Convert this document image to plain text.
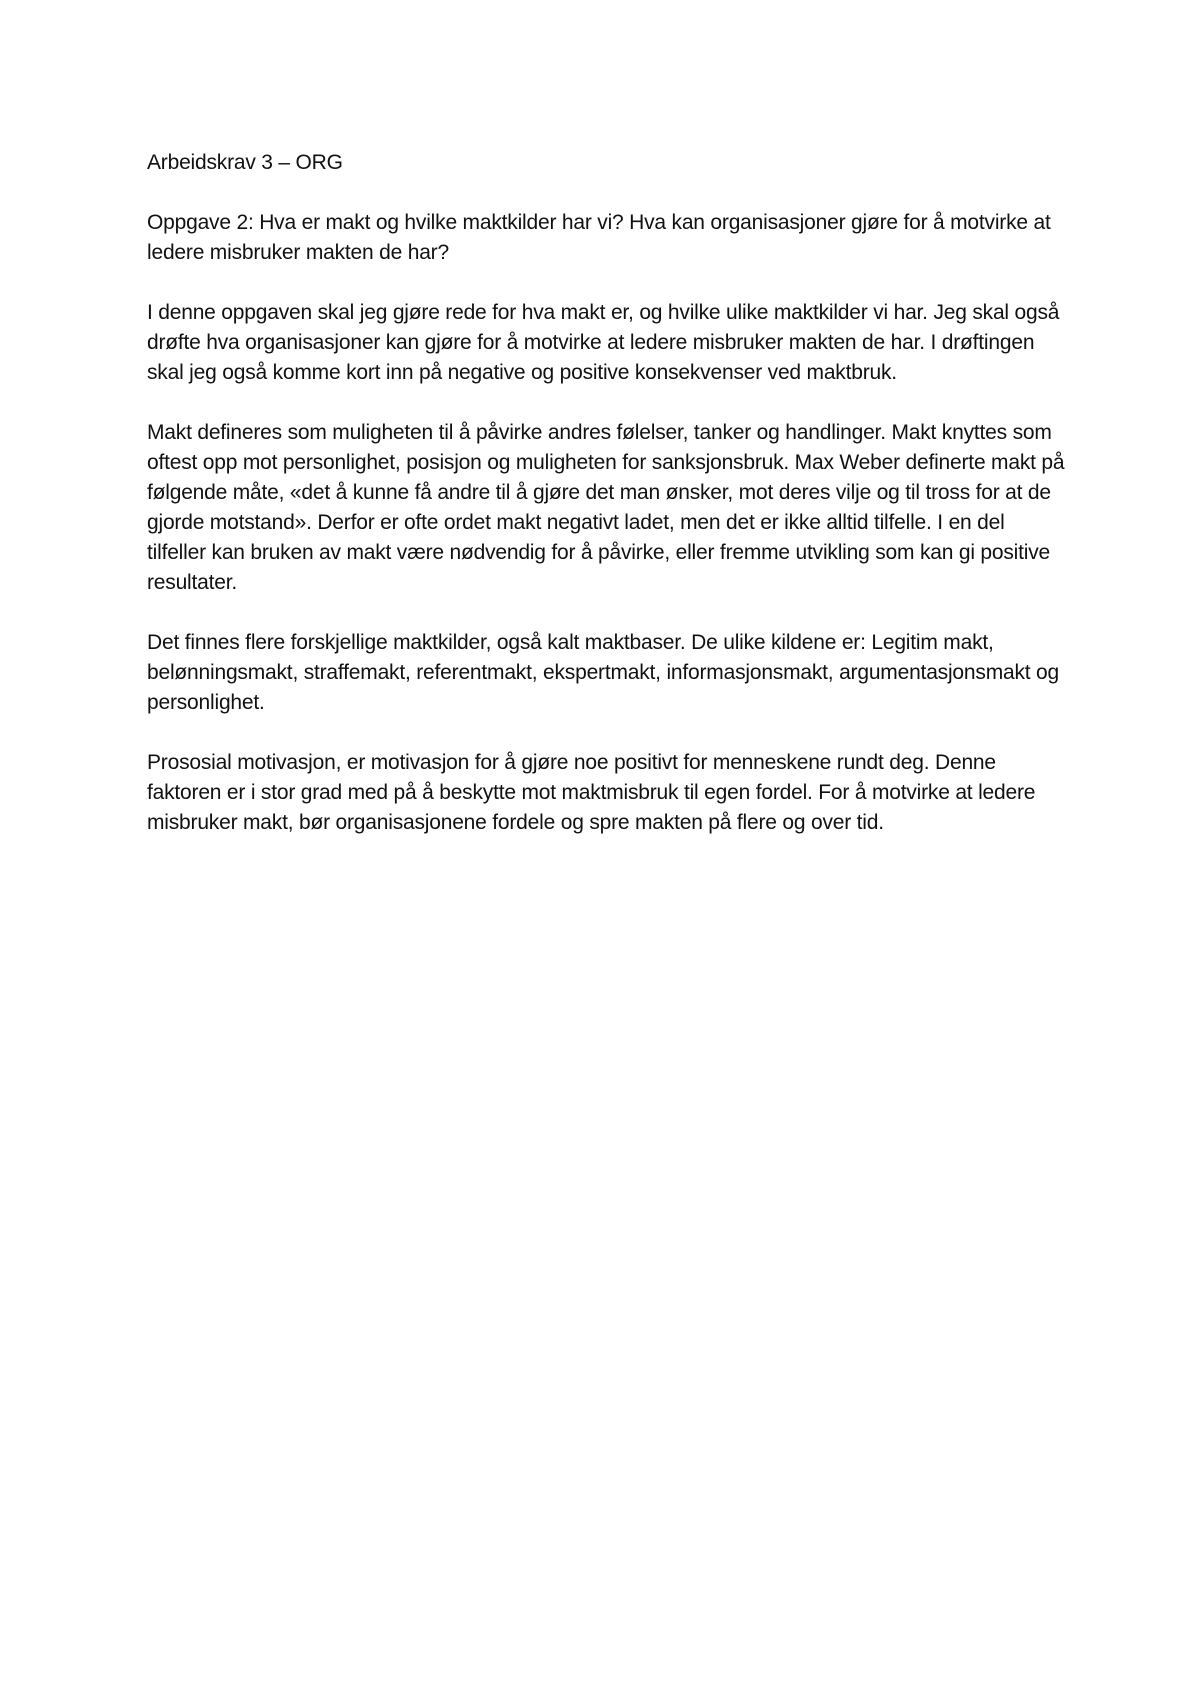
Arbeidskrav 3 – ORG

Oppgave 2: Hva er makt og hvilke maktkilder har vi? Hva kan organisasjoner gjøre for å motvirke at ledere misbruker makten de har?

I denne oppgaven skal jeg gjøre rede for hva makt er, og hvilke ulike maktkilder vi har. Jeg skal også drøfte hva organisasjoner kan gjøre for å motvirke at ledere misbruker makten de har. I drøftingen skal jeg også komme kort inn på negative og positive konsekvenser ved maktbruk.

Makt defineres som muligheten til å påvirke andres følelser, tanker og handlinger. Makt knyttes som oftest opp mot personlighet, posisjon og muligheten for sanksjonsbruk. Max Weber definerte makt på følgende måte, «det å kunne få andre til å gjøre det man ønsker, mot deres vilje og til tross for at de gjorde motstand». Derfor er ofte ordet makt negativt ladet, men det er ikke alltid tilfelle. I en del tilfeller kan bruken av makt være nødvendig for å påvirke, eller fremme utvikling som kan gi positive resultater.

Det finnes flere forskjellige maktkilder, også kalt maktbaser. De ulike kildene er: Legitim makt, belønningsmakt, straffemakt, referentmakt, ekspertmakt, informasjonsmakt, argumentasjonsmakt og personlighet.

Prososial motivasjon, er motivasjon for å gjøre noe positivt for menneskene rundt deg. Denne faktoren er i stor grad med på å beskytte mot maktmisbruk til egen fordel. For å motvirke at ledere misbruker makt, bør organisasjonene fordele og spre makten på flere og over tid.
